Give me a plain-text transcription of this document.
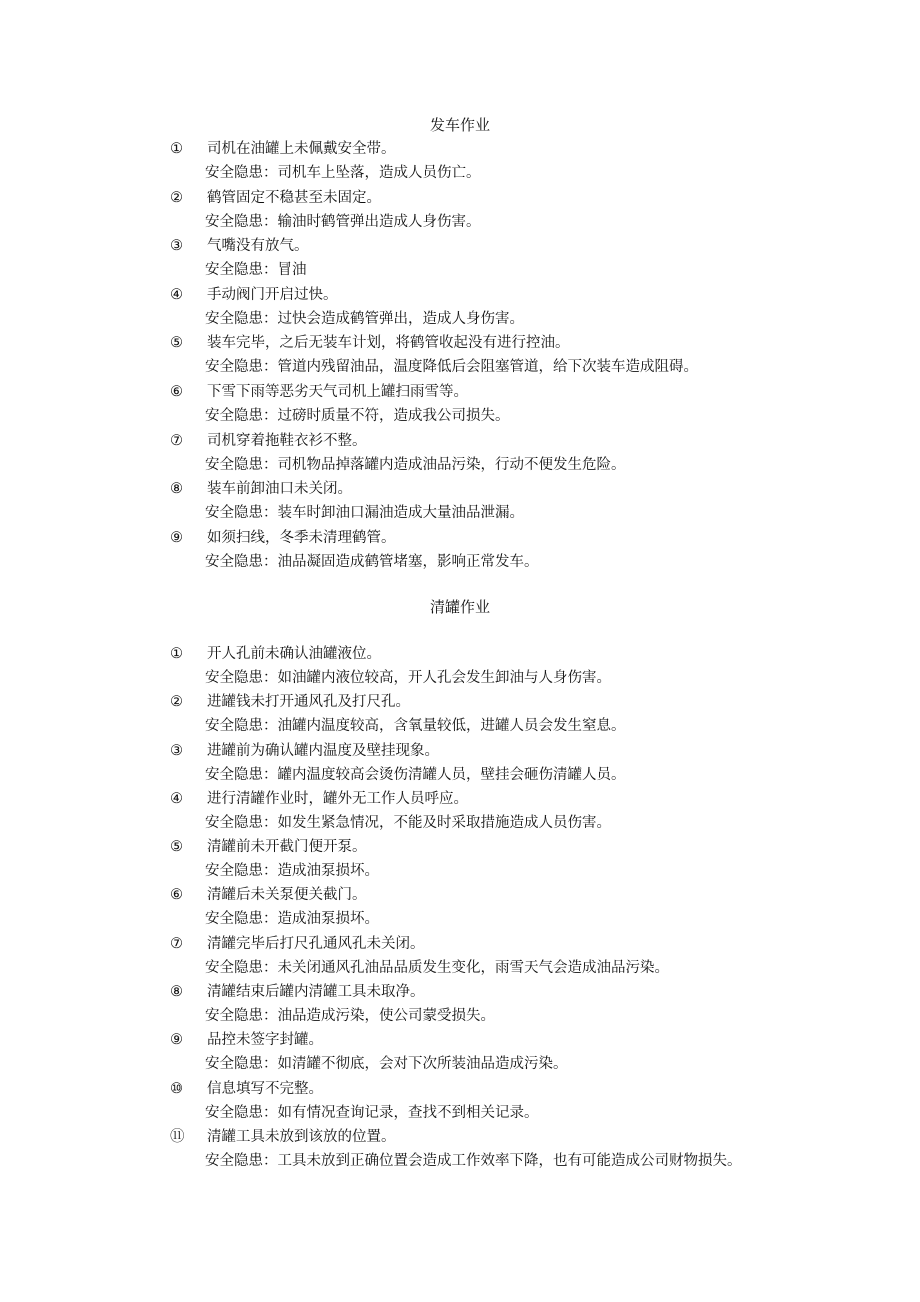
发车作业
①	司机在油罐上未佩戴安全带。
安全隐患：司机车上坠落，造成人员伤亡。
②	鹤管固定不稳甚至未固定。
安全隐患：输油时鹤管弹出造成人身伤害。
③	气嘴没有放气。
安全隐患：冒油
④	手动阀门开启过快。
安全隐患：过快会造成鹤管弹出，造成人身伤害。
⑤	装车完毕，之后无装车计划，将鹤管收起没有进行控油。
安全隐患：管道内残留油品，温度降低后会阻塞管道，给下次装车造成阻碍。
⑥	下雪下雨等恶劣天气司机上罐扫雨雪等。
安全隐患：过磅时质量不符，造成我公司损失。
⑦	司机穿着拖鞋衣衫不整。
安全隐患：司机物品掉落罐内造成油品污染，行动不便发生危险。
⑧	装车前卸油口未关闭。
安全隐患：装车时卸油口漏油造成大量油品泄漏。
⑨	如须扫线，冬季未清理鹤管。
安全隐患：油品凝固造成鹤管堵塞，影响正常发车。
清罐作业
①	开人孔前未确认油罐液位。
安全隐患：如油罐内液位较高，开人孔会发生卸油与人身伤害。
②	进罐钱未打开通风孔及打尺孔。
安全隐患：油罐内温度较高，含氧量较低，进罐人员会发生窒息。
③	进罐前为确认罐内温度及壁挂现象。
安全隐患：罐内温度较高会烫伤清罐人员，壁挂会砸伤清罐人员。
④	进行清罐作业时，罐外无工作人员呼应。
安全隐患：如发生紧急情况，不能及时采取措施造成人员伤害。
⑤	清罐前未开截门便开泵。
安全隐患：造成油泵损坏。
⑥	清罐后未关泵便关截门。
安全隐患：造成油泵损坏。
⑦	清罐完毕后打尺孔通风孔未关闭。
安全隐患：未关闭通风孔油品品质发生变化，雨雪天气会造成油品污染。
⑧	清罐结束后罐内清罐工具未取净。
安全隐患：油品造成污染，使公司蒙受损失。
⑨	品控未签字封罐。
安全隐患：如清罐不彻底，会对下次所装油品造成污染。
⑩	信息填写不完整。
安全隐患：如有情况查询记录，查找不到相关记录。
⑪	清罐工具未放到该放的位置。
安全隐患：工具未放到正确位置会造成工作效率下降，也有可能造成公司财物损失。
